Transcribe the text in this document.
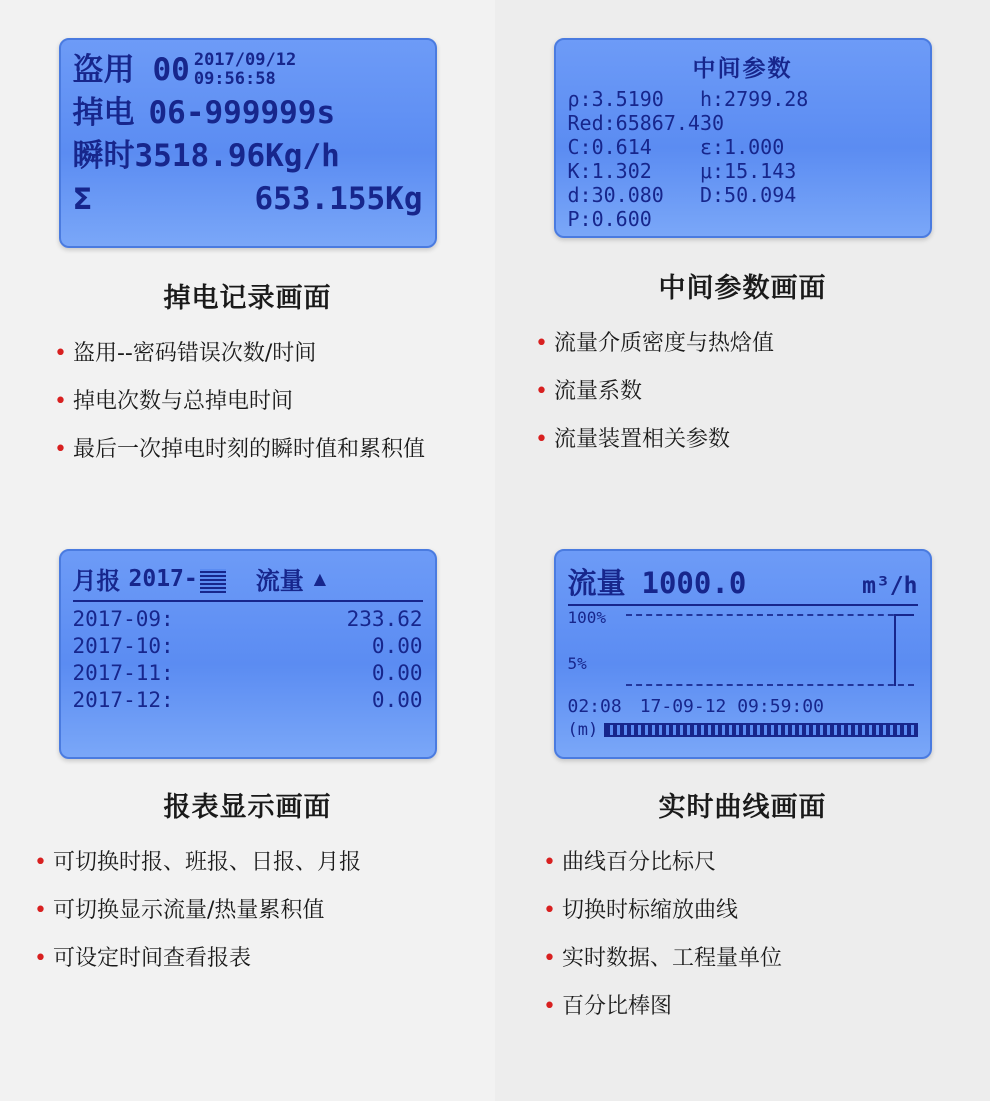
盗用 00 2017/09/12
09:56:58
掉电 06-999999s
瞬时 3518.96Kg/h
Σ	653.155Kg
掉电记录画面
• 盗用--密码错误次数/时间
• 掉电次数与总掉电时间
• 最后一次掉电时刻的瞬时值和累积值
中间参数
ρ:3.5190   h:2799.28
Red:65867.430
C:0.614    ε:1.000
K:1.302    μ:15.143
d:30.080   D:50.094
P:0.600
中间参数画面
• 流量介质密度与热焓值
• 流量系数
• 流量装置相关参数
月报 2017- 流量 ▲
2017-09:	233.62
2017-10:	0.00
2017-11:	0.00
2017-12:	0.00
报表显示画面
• 可切换时报、班报、日报、月报
• 可切换显示流量/热量累积值
• 可设定时间查看报表
流量 1000.0	m³/h
100%
5%
02:08 17-09-12 09:59:00
(m)
实时曲线画面
• 曲线百分比标尺
• 切换时标缩放曲线
• 实时数据、工程量单位
• 百分比棒图
